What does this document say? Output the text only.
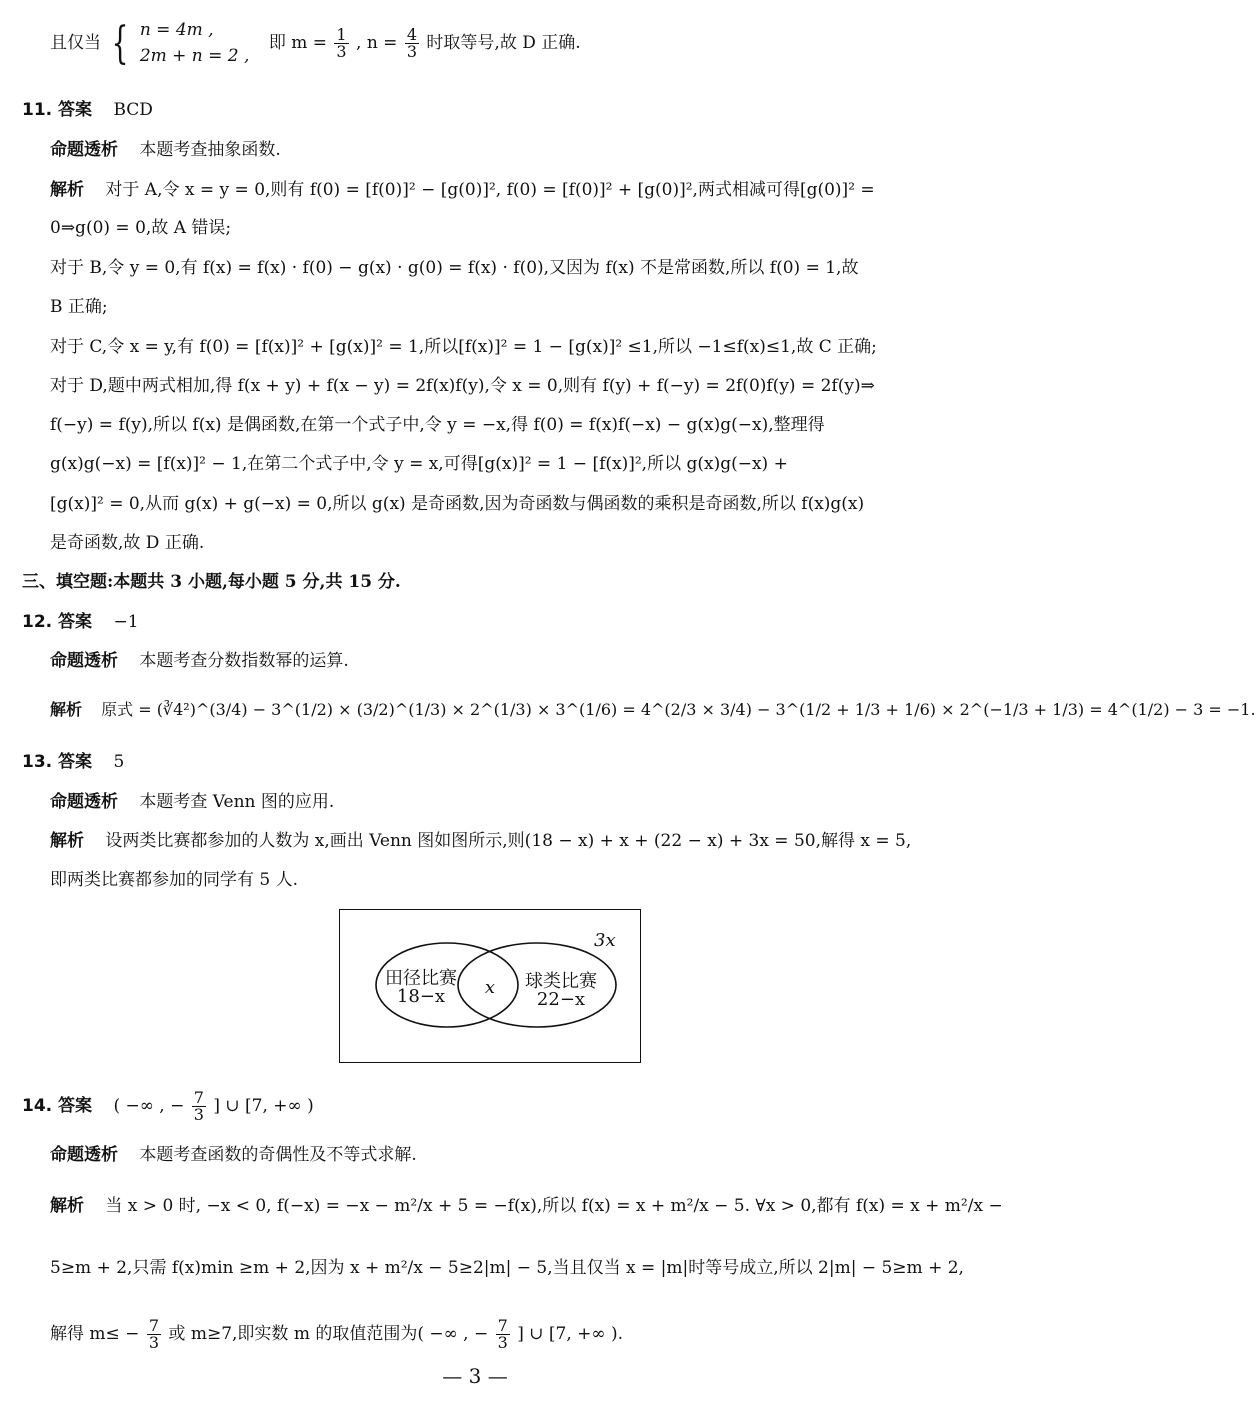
且仅当 { n = 4m ,
2m + n = 2 ,
即 $m = \frac{1}{3}$ , $n = \frac{4}{3}$ 时取等号,故 D 正确.
11. 答案 BCD
命题透析 本题考查抽象函数.
解析 对于 A,令 x = y = 0,则有 f(0) = [f(0)]² − [g(0)]², f(0) = [f(0)]² + [g(0)]²,两式相减可得[g(0)]² =
0⇒g(0) = 0,故 A 错误;
对于 B,令 y = 0,有 f(x) = f(x) · f(0) − g(x) · g(0) = f(x) · f(0),又因为 f(x) 不是常函数,所以 f(0) = 1,故
B 正确;
对于 C,令 x = y,有 f(0) = [f(x)]² + [g(x)]² = 1,所以[f(x)]² = 1 − [g(x)]² ≤1,所以 −1≤f(x)≤1,故 C 正确;
对于 D,题中两式相加,得 f(x + y) + f(x − y) = 2f(x)f(y),令 x = 0,则有 f(y) + f(−y) = 2f(0)f(y) = 2f(y)⇒
f(−y) = f(y),所以 f(x) 是偶函数,在第一个式子中,令 y = −x,得 f(0) = f(x)f(−x) − g(x)g(−x),整理得
g(x)g(−x) = [f(x)]² − 1,在第二个式子中,令 y = x,可得[g(x)]² = 1 − [f(x)]²,所以 g(x)g(−x) +
[g(x)]² = 0,从而 g(x) + g(−x) = 0,所以 g(x) 是奇函数,因为奇函数与偶函数的乘积是奇函数,所以 f(x)g(x)
是奇函数,故 D 正确.
三、填空题:本题共 3 小题,每小题 5 分,共 15 分.
12. 答案 −1
命题透析 本题考查分数指数幂的运算.
解析 原式 = (∛4²)^(3/4) − 3^(1/2) × (3/2)^(1/3) × 2^(1/3) × 3^(1/6) = 4^(2/3 × 3/4) − 3^(1/2 + 1/3 + 1/6) × 2^(−1/3 + 1/3) = 4^(1/2) − 3 = −1.
13. 答案 5
命题透析 本题考查 Venn 图的应用.
解析 设两类比赛都参加的人数为 x,画出 Venn 图如图所示,则(18 − x) + x + (22 − x) + 3x = 50,解得 x = 5,
即两类比赛都参加的同学有 5 人.
3x
田径比赛
18−x	x	球类比赛
22−x
14. 答案 ( −∞ , − $\frac{7}{3}$ ] ∪ [7, +∞ )
命题透析 本题考查函数的奇偶性及不等式求解.
解析 当 x > 0 时, −x < 0, f(−x) = −x − m²/x + 5 = −f(x),所以 f(x) = x + m²/x − 5. ∀x > 0,都有 f(x) = x + m²/x −
5≥m + 2,只需 f(x)min ≥m + 2,因为 x + m²/x − 5≥2|m| − 5,当且仅当 x = |m|时等号成立,所以 2|m| − 5≥m + 2,
解得 $m\le - \frac{7}{3}$ 或 m≥7,即实数 m 的取值范围为( −∞ , − $\frac{7}{3}$ ] ∪ [7, +∞ ).
— 3 —
